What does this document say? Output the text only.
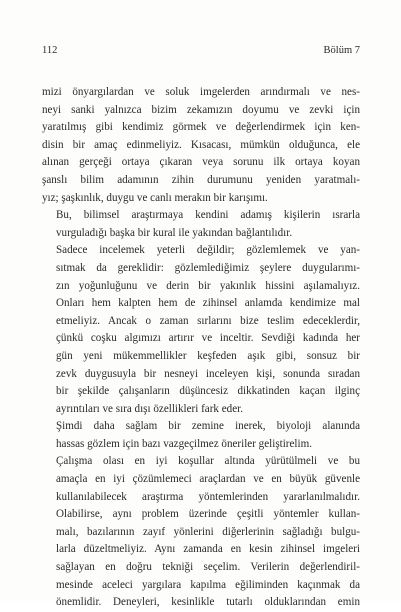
112	Bölüm 7

mizi önyargılardan ve soluk imgelerden arındırmalı ve nes-
neyi sanki yalnızca bizim zekamızın doyumu ve zevki için
yaratılmış gibi kendimiz görmek ve değerlendirmek için ken-
disin bir amaç edinmeliyiz. Kısacası, mümkün olduğunca, ele
alınan gerçeği ortaya çıkaran veya sorunu ilk ortaya koyan
şanslı bilim adamının zihin durumunu yeniden yaratmalı-
yız; şaşkınlık, duygu ve canlı merakın bir karışımı.

Bu, bilimsel araştırmaya kendini adamış kişilerin ısrarla
vurguladığı başka bir kural ile yakından bağlantılıdır.

Sadece incelemek yeterli değildir; gözlemlemek ve yan-
sıtmak da gereklidir: gözlemlediğimiz şeylere duygularımı-
zın yoğunluğunu ve derin bir yakınlık hissini aşılamalıyız.
Onları hem kalpten hem de zihinsel anlamda kendimize mal
etmeliyiz. Ancak o zaman sırlarını bize teslim edeceklerdir,
çünkü coşku algımızı artırır ve inceltir. Sevdiği kadında her
gün yeni mükemmellikler keşfeden aşık gibi, sonsuz bir
zevk duygusuyla bir nesneyi inceleyen kişi, sonunda sıradan
bir şekilde çalışanların düşüncesiz dikkatinden kaçan ilginç
ayrıntıları ve sıra dışı özellikleri fark eder.

Şimdi daha sağlam bir zemine inerek, biyoloji alanında
hassas gözlem için bazı vazgeçilmez öneriler geliştirelim.

Çalışma olası en iyi koşullar altında yürütülmeli ve bu
amaçla en iyi çözümlemeci araçlardan ve en büyük güvenle
kullanılabilecek araştırma yöntemlerinden yararlanılmalıdır.
Olabilirse, aynı problem üzerinde çeşitli yöntemler kullan-
malı, bazılarının zayıf yönlerini diğerlerinin sağladığı bulgu-
larla düzeltmeliyiz. Aynı zamanda en kesin zihinsel imgeleri
sağlayan en doğru tekniği seçelim. Verilerin değerlendiril-
mesinde aceleci yargılara kapılma eğiliminden kaçınmak da
önemlidir. Deneyleri, kesinlikle tutarlı olduklarından emin
